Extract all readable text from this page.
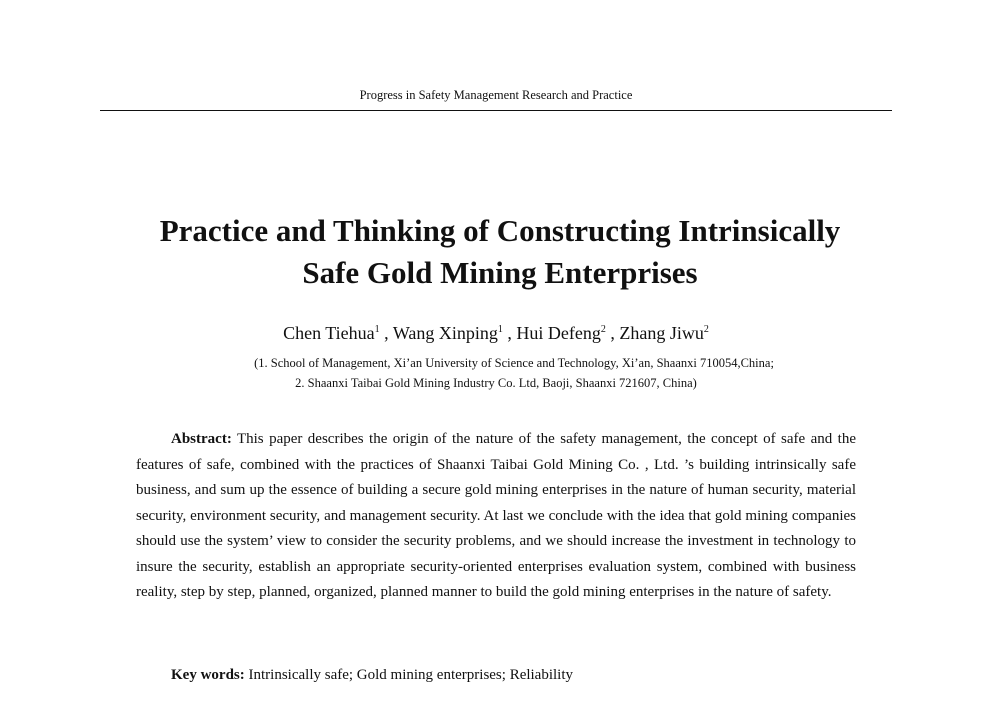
Progress in Safety Management Research and Practice
Practice and Thinking of Constructing Intrinsically
Safe Gold Mining Enterprises
Chen Tiehua$^1$ , Wang Xinping$^1$ , Hui Defeng$^2$ , Zhang Jiwu$^2$
(1. School of Management, Xi’an University of Science and Technology, Xi’an, Shaanxi 710054,China;
2. Shaanxi Taibai Gold Mining Industry Co. Ltd, Baoji, Shaanxi 721607, China)

Abstract: This paper describes the origin of the nature of the safety management, the concept of safe and the features of safe, combined with the practices of Shaanxi Taibai Gold Mining Co. , Ltd. ’s building intrinsically safe business, and sum up the essence of building a secure gold mining enterprises in the nature of human security, material security, environment security, and management security. At last we conclude with the idea that gold mining companies should use the system’ view to consider the security problems, and we should increase the investment in technology to insure the security, establish an appropriate security-oriented enterprises evaluation system, combined with business reality, step by step, planned, organized, planned manner to build the gold mining enterprises in the nature of safety.

Key words: Intrinsically safe; Gold mining enterprises; Reliability
